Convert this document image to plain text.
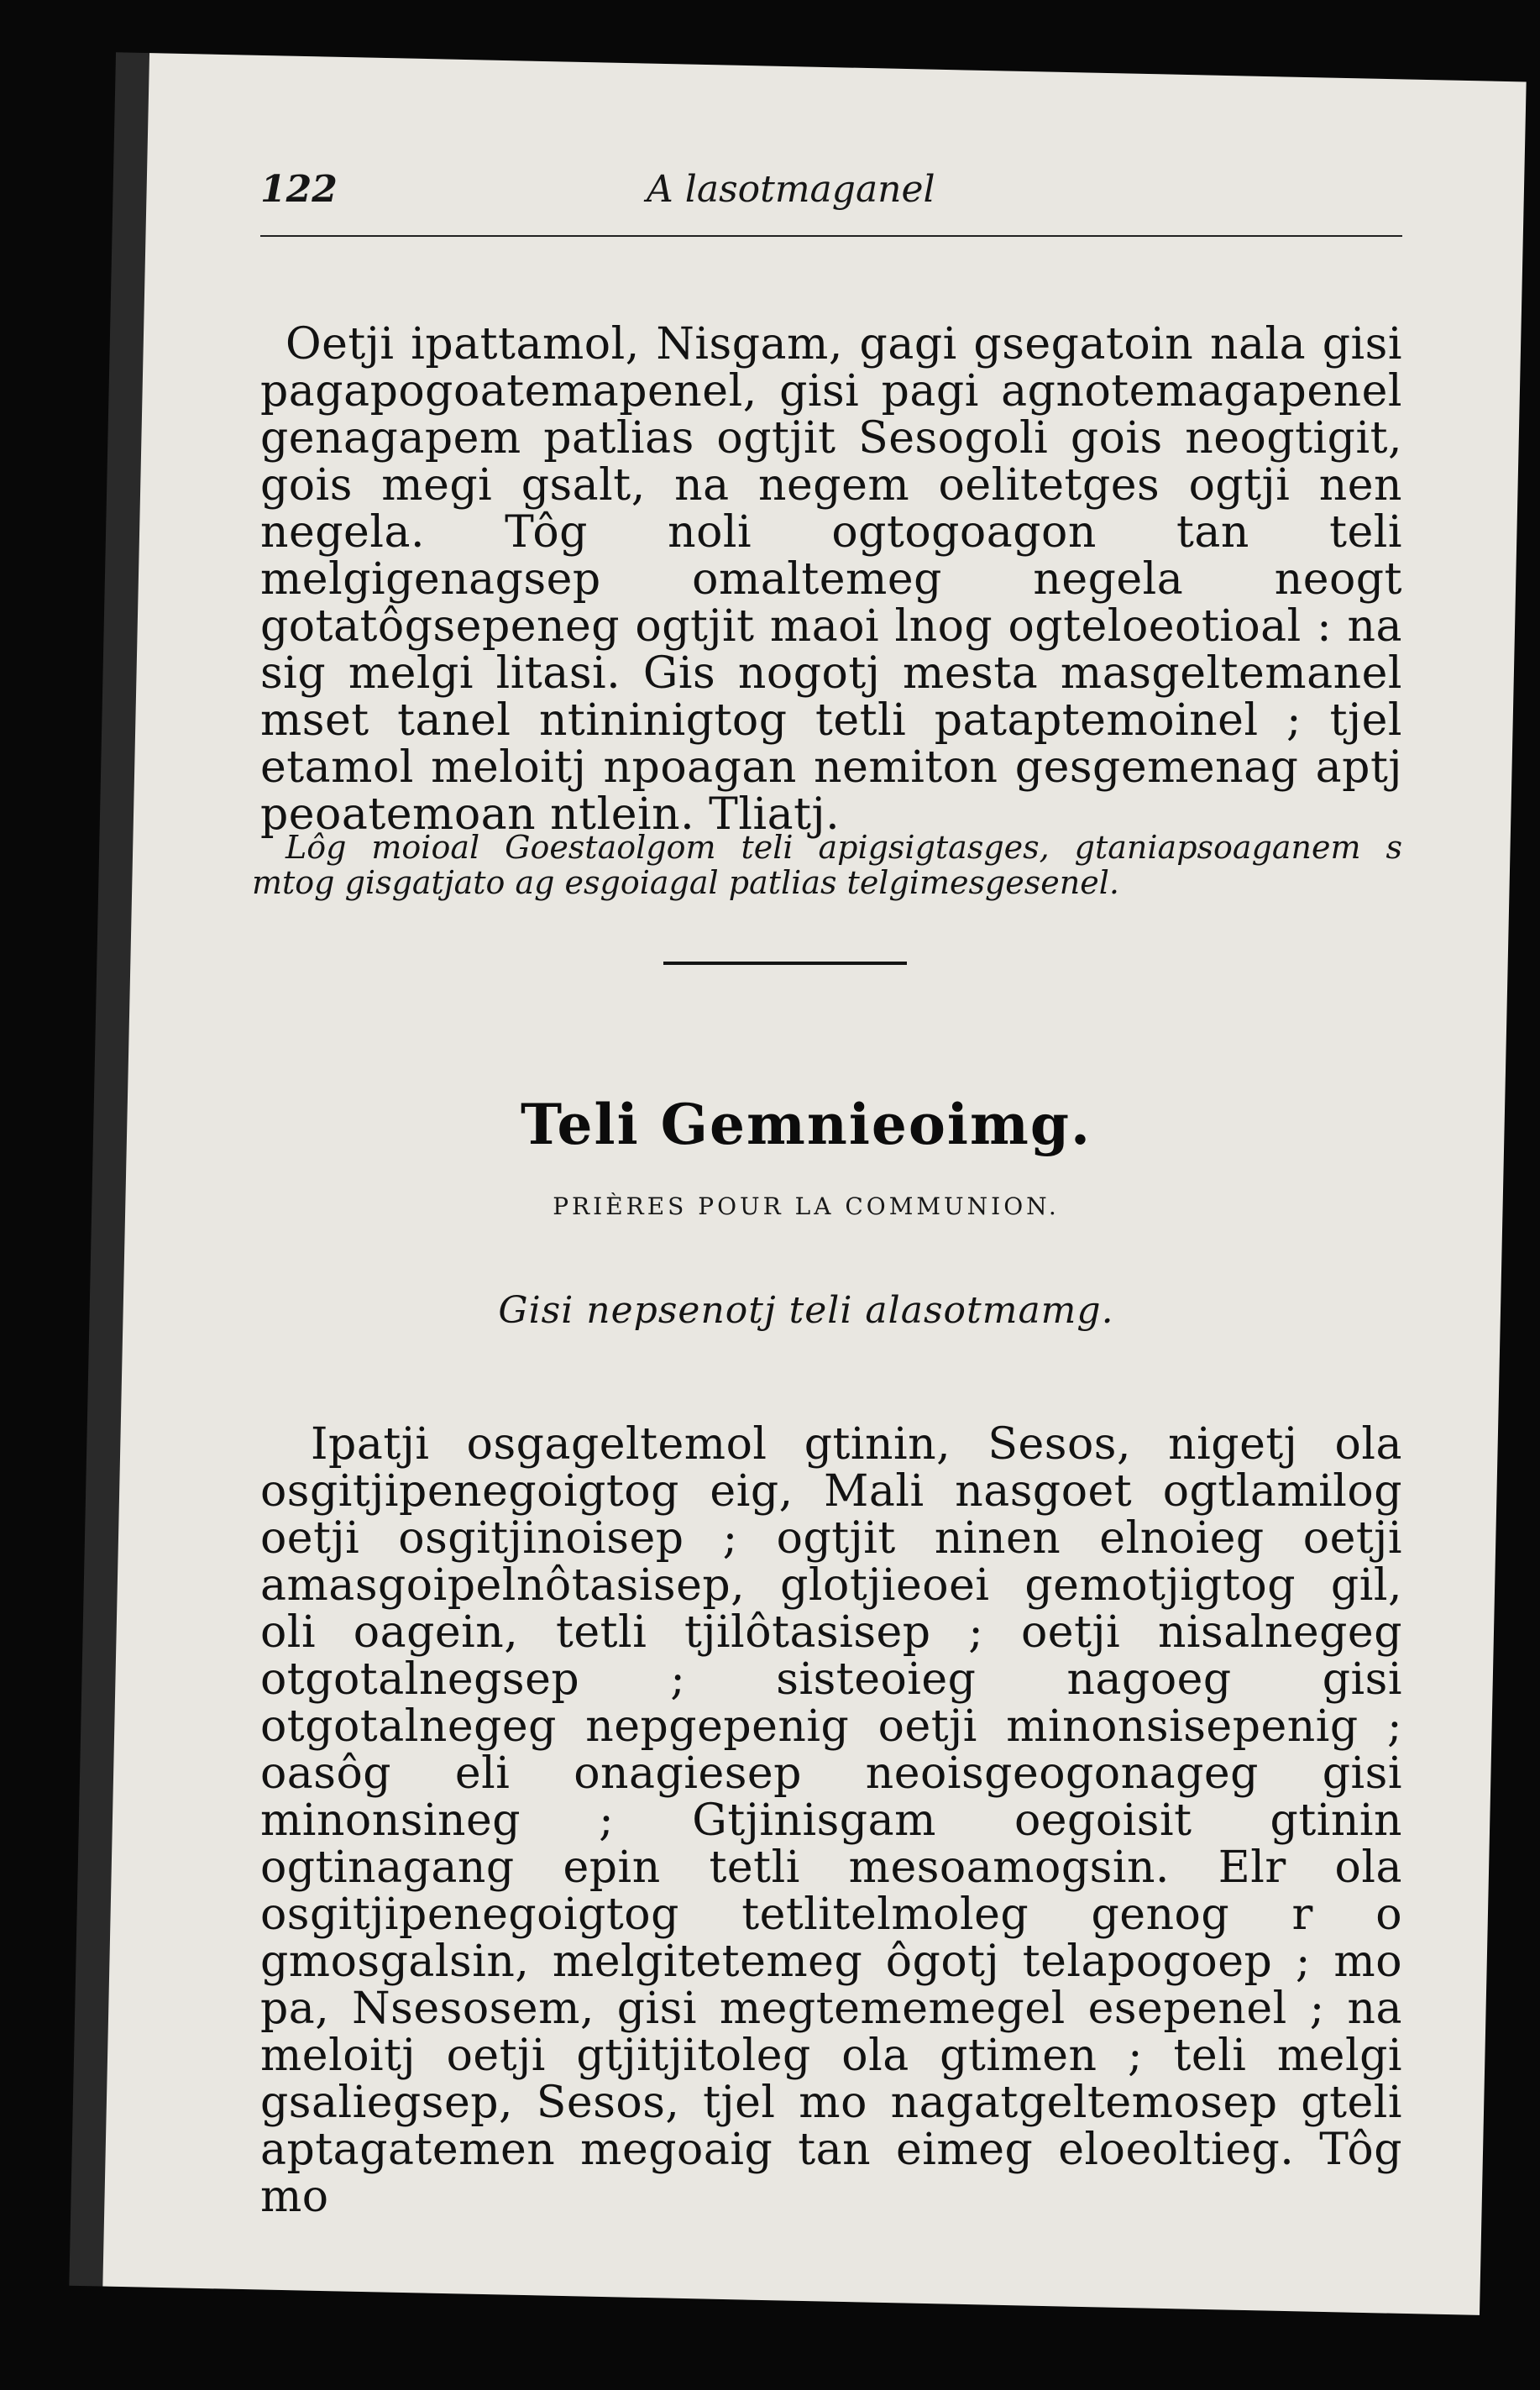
122	A lasotmaganel

Oetji ipattamol, Nisgam, gagi gsegatoin nala gisi pagapogoatemapenel, gisi pagi agnotemagapenel genagapem patlias ogtjit Sesogoli gois neogtigit, gois megi gsalt, na negem oelitetges ogtji nen negela. Tôg noli ogtogoagon tan teli melgigenagsep omaltemeg negela neogt gotatôgsepeneg ogtjit maoi lnog ogteloeotioal : na sig melgi litasi. Gis nogotj mesta masgeltemanel mset tanel ntininigtog tetli pataptemoinel ; tjel etamol meloitj npoagan nemiton gesgemenag aptj peoatemoan ntlein. Tliatj.

Lôg moioal Goestaolgom teli apigsigtasges, gtaniapsoaganem s mtog gisgatjato ag esgoiagal patlias telgimesgesenel.

Teli Gemnieoimg.
PRIÈRES POUR LA COMMUNION.
Gisi nepsenotj teli alasotmamg.

Ipatji osgageltemol gtinin, Sesos, nigetj ola osgitjipenegoigtog eig, Mali nasgoet ogtlamilog oetji osgitjinoisep ; ogtjit ninen elnoieg oetji amasgoipelnôtasisep, glotjieoei gemotjigtog gil, oli oagein, tetli tjilôtasisep ; oetji nisalnegeg otgotalnegsep ; sisteoieg nagoeg gisi otgotalnegeg nepgepenig oetji minonsisepenig ; oasôg eli onagiesep neoisgeogonageg gisi minonsineg ; Gtjinisgam oegoisit gtinin ogtinagang epin tetli mesoamogsin. Elr ola osgitjipenegoigtog tetlitelmoleg genog r o gmosgalsin, melgitetemeg ôgotj telapogoep ; mo pa, Nsesosem, gisi megtememegel esepenel ; na meloitj oetji gtjitjitoleg ola gtimen ; teli melgi gsaliegsep, Sesos, tjel mo nagatgeltemosep gteli aptagatemen megoaig tan eimeg eloeoltieg. Tôg mo
